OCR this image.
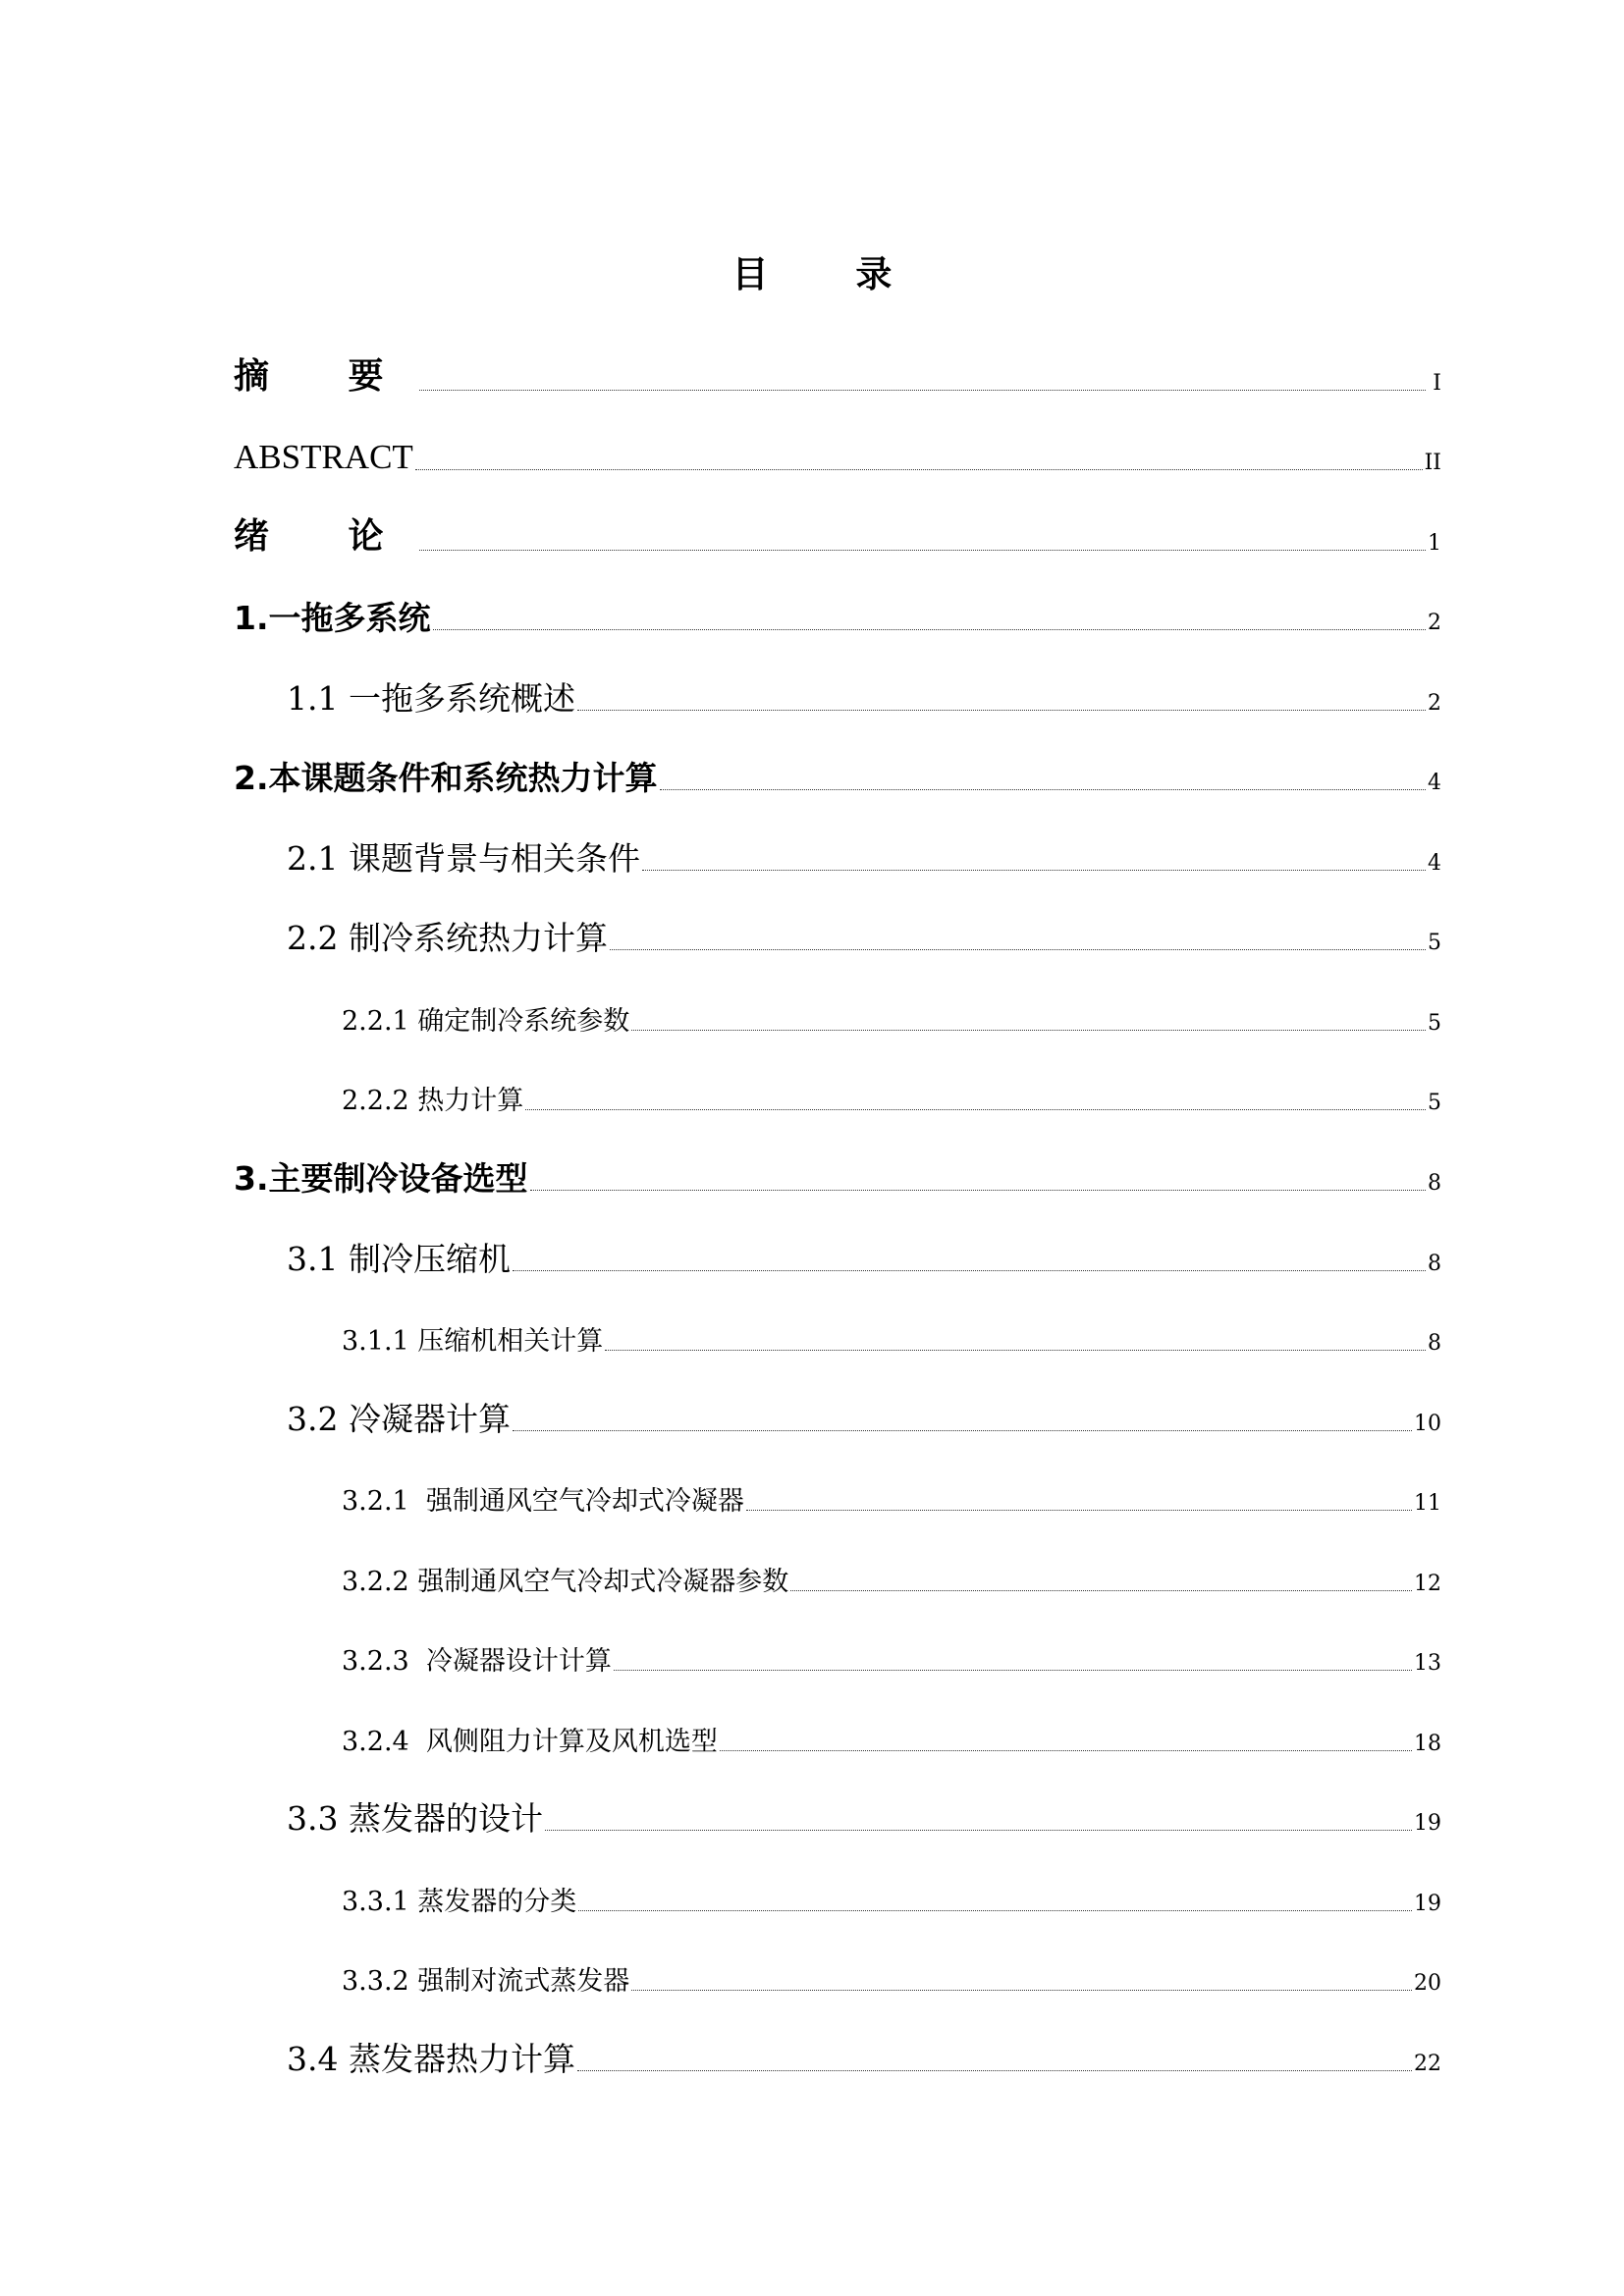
目 录
摘 要	I
ABSTRACT	II
绪 论	1
1.一拖多系统	2
1.1 一拖多系统概述	2
2.本课题条件和系统热力计算	4
2.1 课题背景与相关条件	4
2.2 制冷系统热力计算	5
2.2.1 确定制冷系统参数	5
2.2.2 热力计算	5
3.主要制冷设备选型	8
3.1 制冷压缩机	8
3.1.1 压缩机相关计算	8
3.2 冷凝器计算	10
3.2.1  强制通风空气冷却式冷凝器	11
3.2.2 强制通风空气冷却式冷凝器参数	12
3.2.3  冷凝器设计计算	13
3.2.4  风侧阻力计算及风机选型	18
3.3 蒸发器的设计	19
3.3.1 蒸发器的分类	19
3.3.2 强制对流式蒸发器	20
3.4 蒸发器热力计算	22
